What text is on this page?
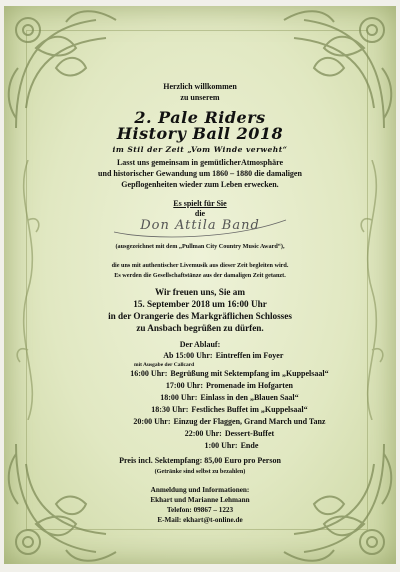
Herzlich willkommen
zu unserem
2. Pale Riders
History Ball 2018
im Stil der Zeit „Vom Winde verweht“
Lasst uns gemeinsam in gemütlicherAtmosphäre
und historischer Gewandung um 1860 – 1880 die damaligen
Gepflogenheiten wieder zum Leben erwecken.
Es spielt für Sie
die
Don Attila Band
(ausgezeichnet mit dem „Pullman City Country Music Award“),
die uns mit authentischer Livemusik aus dieser Zeit begleiten wird.
Es werden die Gesellschaftstänze aus der damaligen Zeit getanzt.
Wir freuen uns, Sie am
15. September 2018 um 16:00 Uhr
in der Orangerie des Markgräflichen Schlosses
zu Ansbach begrüßen zu dürfen.
Der Ablauf:
Ab 15:00 Uhr: Eintreffen im Foyer
mit Ausgabe der Callcard
16:00 Uhr: Begrüßung mit Sektempfang im „Kuppelsaal“
17:00 Uhr: Promenade im Hofgarten
18:00 Uhr: Einlass in den „Blauen Saal“
18:30 Uhr: Festliches Buffet im „Kuppelsaal“
20:00 Uhr: Einzug der Flaggen, Grand March und Tanz
22:00 Uhr: Dessert-Buffet
1:00 Uhr: Ende
Preis incl. Sektempfang: 85,00 Euro pro Person
(Getränke sind selbst zu bezahlen)
Anmeldung und Informationen:
Ekhart und Marianne Lehmann
Telefon: 09867 – 1223
E-Mail: ekhart@t-online.de
